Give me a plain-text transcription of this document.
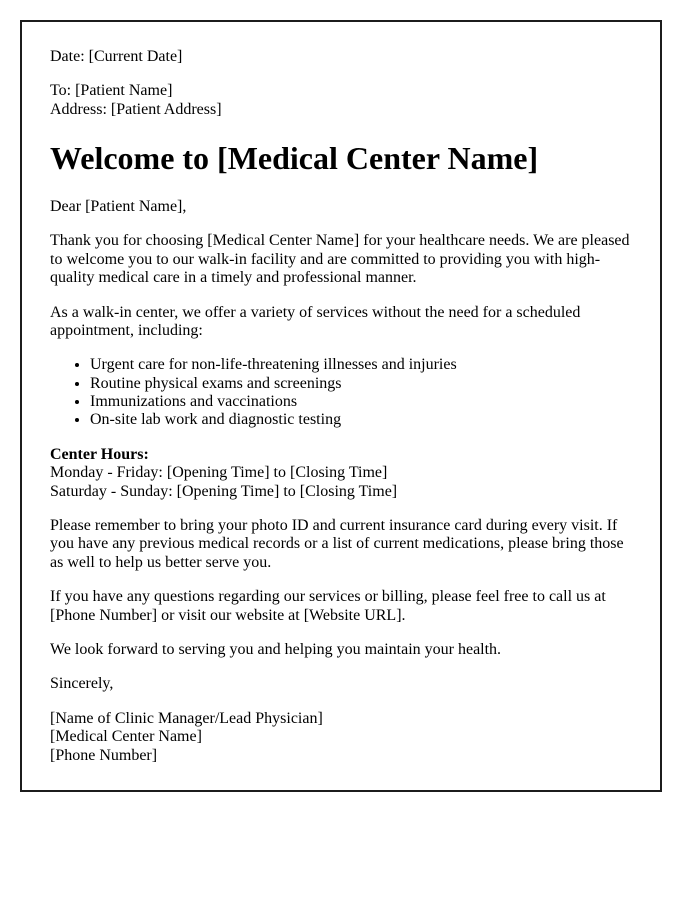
Date: [Current Date]

To: [Patient Name]
Address: [Patient Address]

Welcome to [Medical Center Name]

Dear [Patient Name],

Thank you for choosing [Medical Center Name] for your healthcare needs. We are pleased to welcome you to our walk-in facility and are committed to providing you with high-quality medical care in a timely and professional manner.

As a walk-in center, we offer a variety of services without the need for a scheduled appointment, including:

• Urgent care for non-life-threatening illnesses and injuries
• Routine physical exams and screenings
• Immunizations and vaccinations
• On-site lab work and diagnostic testing

Center Hours:
Monday - Friday: [Opening Time] to [Closing Time]
Saturday - Sunday: [Opening Time] to [Closing Time]

Please remember to bring your photo ID and current insurance card during every visit. If you have any previous medical records or a list of current medications, please bring those as well to help us better serve you.

If you have any questions regarding our services or billing, please feel free to call us at [Phone Number] or visit our website at [Website URL].

We look forward to serving you and helping you maintain your health.

Sincerely,

[Name of Clinic Manager/Lead Physician]
[Medical Center Name]
[Phone Number]
